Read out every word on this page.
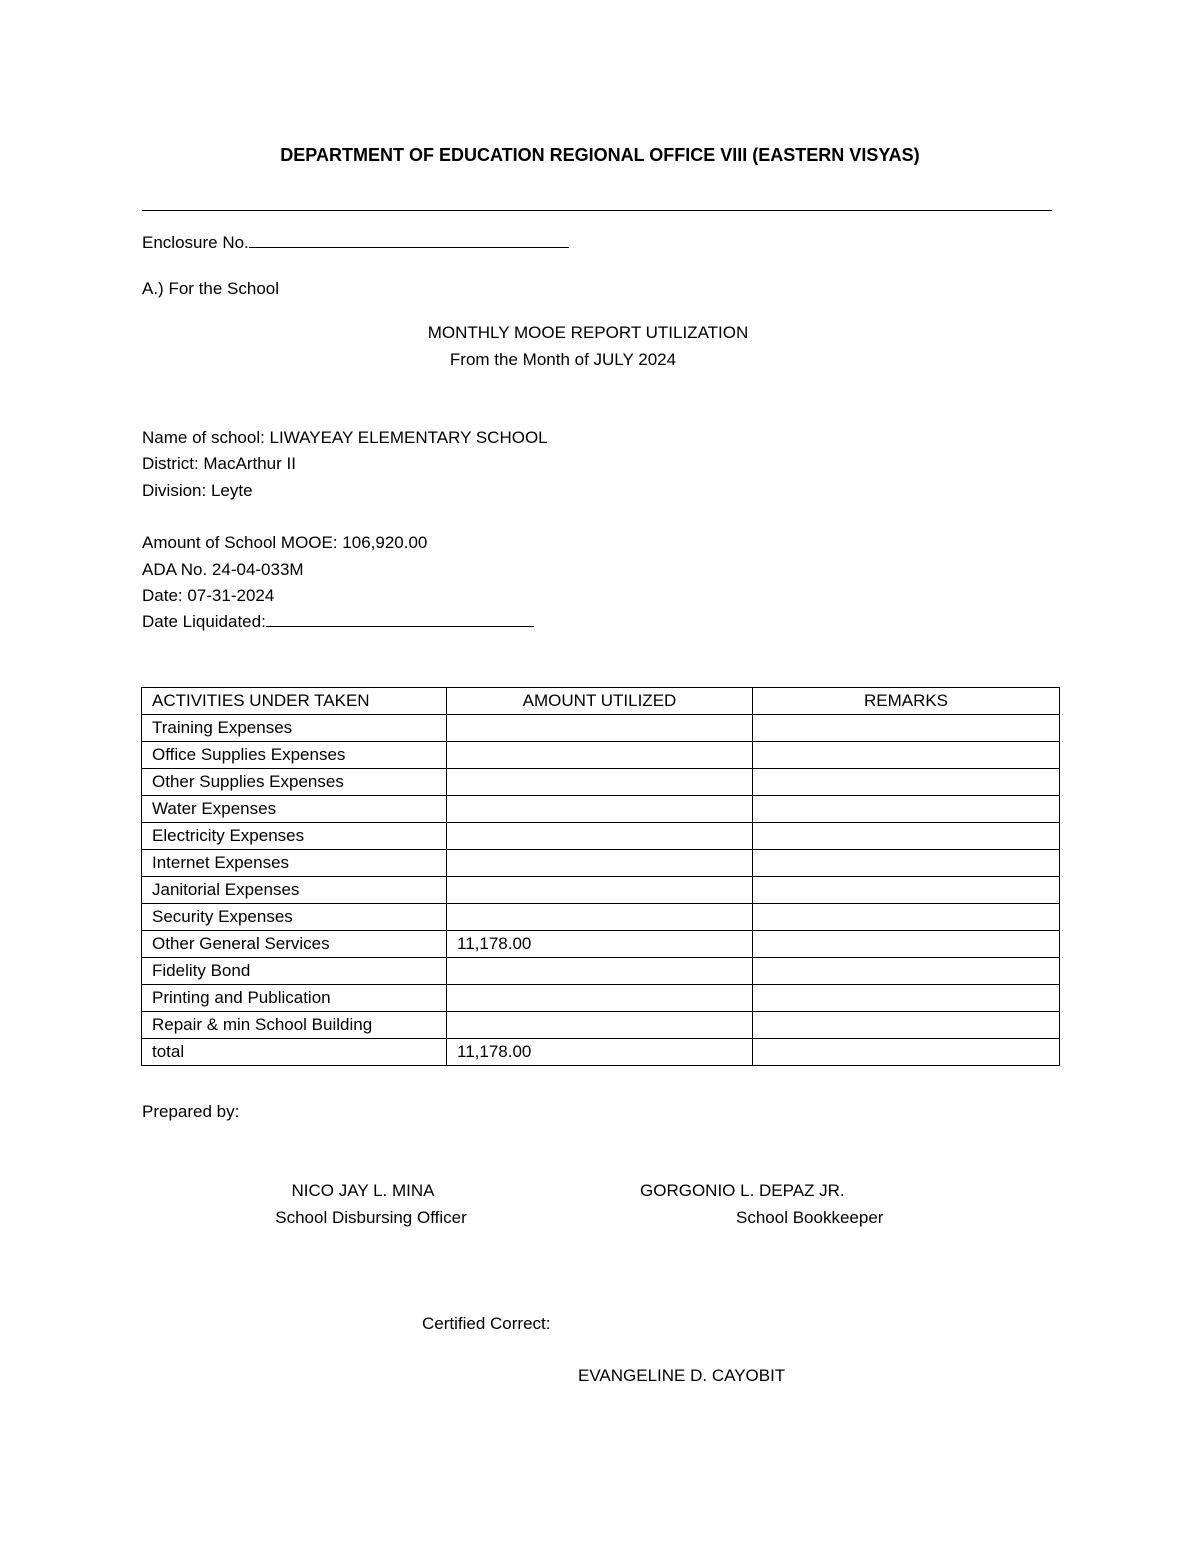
DEPARTMENT OF EDUCATION REGIONAL OFFICE VIII (EASTERN VISYAS)
Enclosure No.
A.) For the School
MONTHLY MOOE REPORT UTILIZATION
From the Month of JULY 2024
Name of school: LIWAYEAY ELEMENTARY SCHOOL
District: MacArthur II
Division: Leyte
Amount of School MOOE: 106,920.00
ADA No. 24-04-033M
Date: 07-31-2024
Date Liquidated:
ACTIVITIES UNDER TAKEN	AMOUNT UTILIZED	REMARKS
Training Expenses		
Office Supplies Expenses		
Other Supplies Expenses		
Water Expenses		
Electricity Expenses		
Internet Expenses		
Janitorial Expenses		
Security Expenses		
Other General Services	11,178.00	
Fidelity Bond		
Printing and Publication		
Repair & min School Building		
total	11,178.00	
Prepared by:
NICO JAY L. MINA
School Disbursing Officer
GORGONIO L. DEPAZ JR.
School Bookkeeper
Certified Correct:
EVANGELINE D. CAYOBIT
